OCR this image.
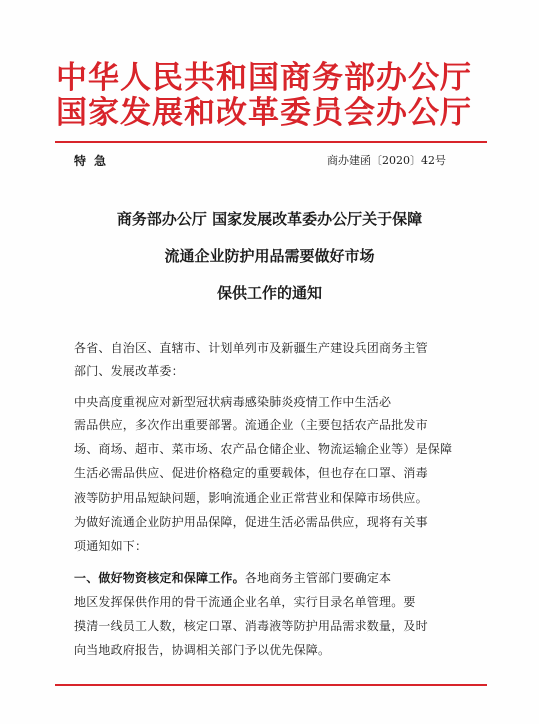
中华人民共和国商务部办公厅
国家发展和改革委员会办公厅
特急	商办建函〔2020〕42号
商务部办公厅 国家发展改革委办公厅关于保障
流通企业防护用品需要做好市场
保供工作的通知
各省、自治区、直辖市、计划单列市及新疆生产建设兵团商务主管
部门、发展改革委：
中央高度重视应对新型冠状病毒感染肺炎疫情工作中生活必
需品供应，多次作出重要部署。流通企业（主要包括农产品批发市
场、商场、超市、菜市场、农产品仓储企业、物流运输企业等）是保障
生活必需品供应、促进价格稳定的重要载体，但也存在口罩、消毒
液等防护用品短缺问题，影响流通企业正常营业和保障市场供应。
为做好流通企业防护用品保障，促进生活必需品供应，现将有关事
项通知如下：
一、做好物资核定和保障工作。各地商务主管部门要确定本
地区发挥保供作用的骨干流通企业名单，实行目录名单管理。要
摸清一线员工人数，核定口罩、消毒液等防护用品需求数量，及时
向当地政府报告，协调相关部门予以优先保障。
